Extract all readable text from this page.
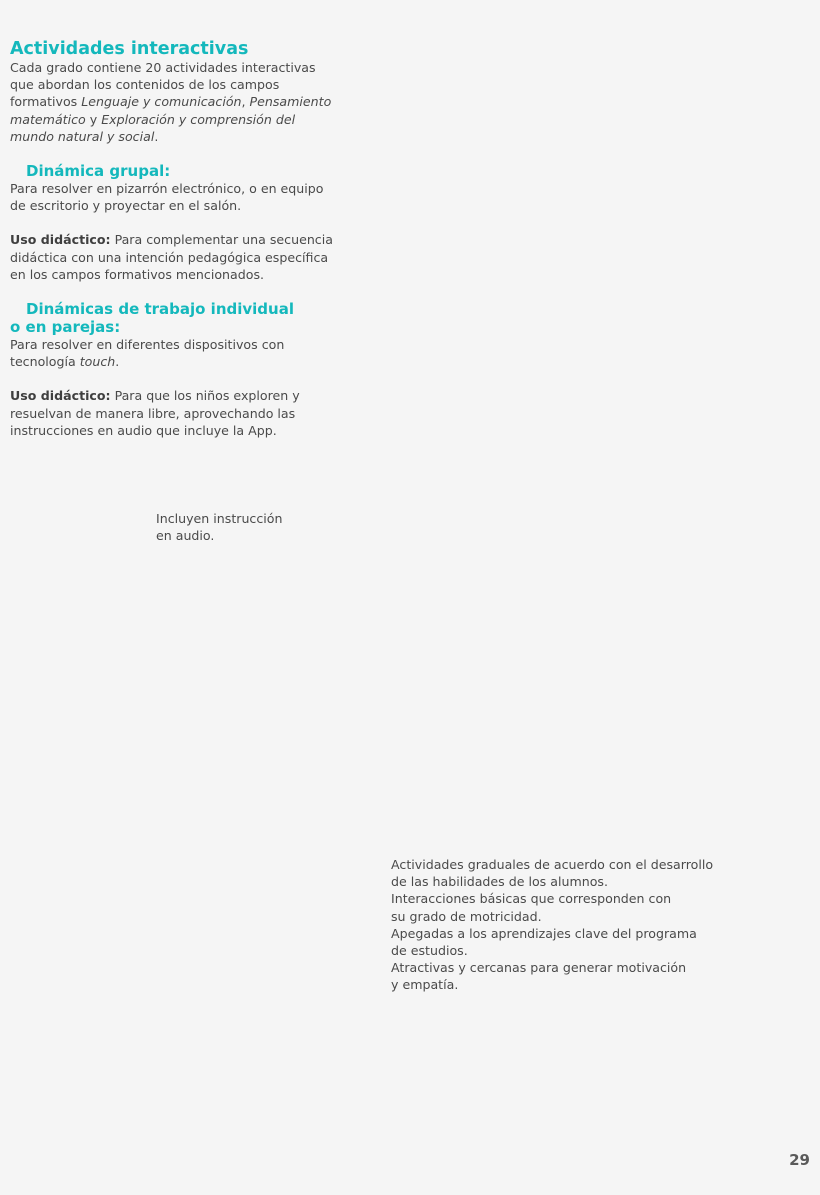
Actividades interactivas

Cada grado contiene 20 actividades interactivas que abordan los contenidos de los campos formativos Lenguaje y comunicación, Pensamiento matemático y Exploración y comprensión del mundo natural y social.

Dinámica grupal:

Para resolver en pizarrón electrónico, o en equipo de escritorio y proyectar en el salón.

Uso didáctico: Para complementar una secuencia didáctica con una intención pedagógica específica en los campos formativos mencionados.

Dinámicas de trabajo individual
o en parejas:

Para resolver en diferentes dispositivos con tecnología touch.

Uso didáctico: Para que los niños exploren y resuelvan de manera libre, aprovechando las instrucciones en audio que incluye la App.

Incluyen instrucción
en audio.
Actividades graduales de acuerdo con el desarrollo
de las habilidades de los alumnos.
Interacciones básicas que corresponden con
su grado de motricidad.
Apegadas a los aprendizajes clave del programa
de estudios.
Atractivas y cercanas para generar motivación
y empatía.
29
